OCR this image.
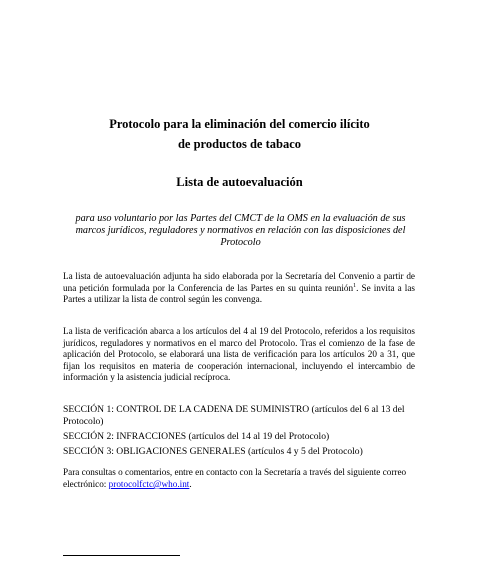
Protocolo para la eliminación del comercio ilícito
de productos de tabaco
Lista de autoevaluación
para uso voluntario por las Partes del CMCT de la OMS en la evaluación de sus marcos jurídicos, reguladores y normativos en relación con las disposiciones del Protocolo
La lista de autoevaluación adjunta ha sido elaborada por la Secretaría del Convenio a partir de una petición formulada por la Conferencia de las Partes en su quinta reunión$^1$. Se invita a las Partes a utilizar la lista de control según les convenga.
La lista de verificación abarca a los artículos del 4 al 19 del Protocolo, referidos a los requisitos jurídicos, reguladores y normativos en el marco del Protocolo. Tras el comienzo de la fase de aplicación del Protocolo, se elaborará una lista de verificación para los artículos 20 a 31, que fijan los requisitos en materia de cooperación internacional, incluyendo el intercambio de información y la asistencia judicial recíproca.
SECCIÓN 1: CONTROL DE LA CADENA DE SUMINISTRO (artículos del 6 al 13 del Protocolo)
SECCIÓN 2: INFRACCIONES (artículos del 14 al 19 del Protocolo)
SECCIÓN 3: OBLIGACIONES GENERALES (artículos 4 y 5 del Protocolo)
Para consultas o comentarios, entre en contacto con la Secretaría a través del siguiente correo electrónico: protocolfctc@who.int.
